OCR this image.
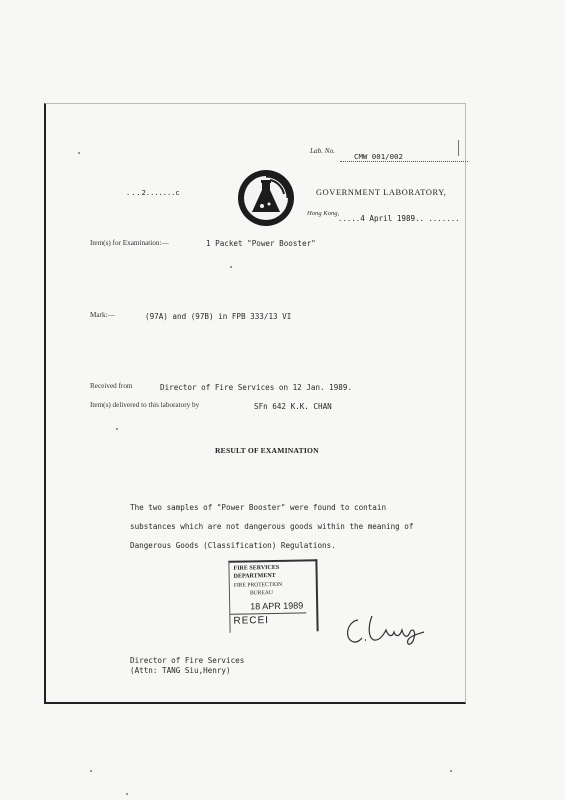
Lab. No.
CMW 001/002
...2.......c	GOVERNMENT LABORATORY,
Hong Kong,
.....4 April 1989.. .......
Item(s) for Examination:—	1 Packet "Power Booster"
Mark:—	(97A) and (97B) in FPB 333/13 VI
Received from	Director of Fire Services on 12 Jan. 1989.
Item(s) delivered to this laboratory by	SFn 642 K.K. CHAN
RESULT OF EXAMINATION
The two samples of "Power Booster" were found to contain
substances which are not dangerous goods within the meaning of
Dangerous Goods (Classification) Regulations.
FIRE SERVICES
DEPARTMENT
FIRE PROTECTION
BUREAU
18 APR 1989
RECEI
Director of Fire Services
(Attn: TANG Siu,Henry)
